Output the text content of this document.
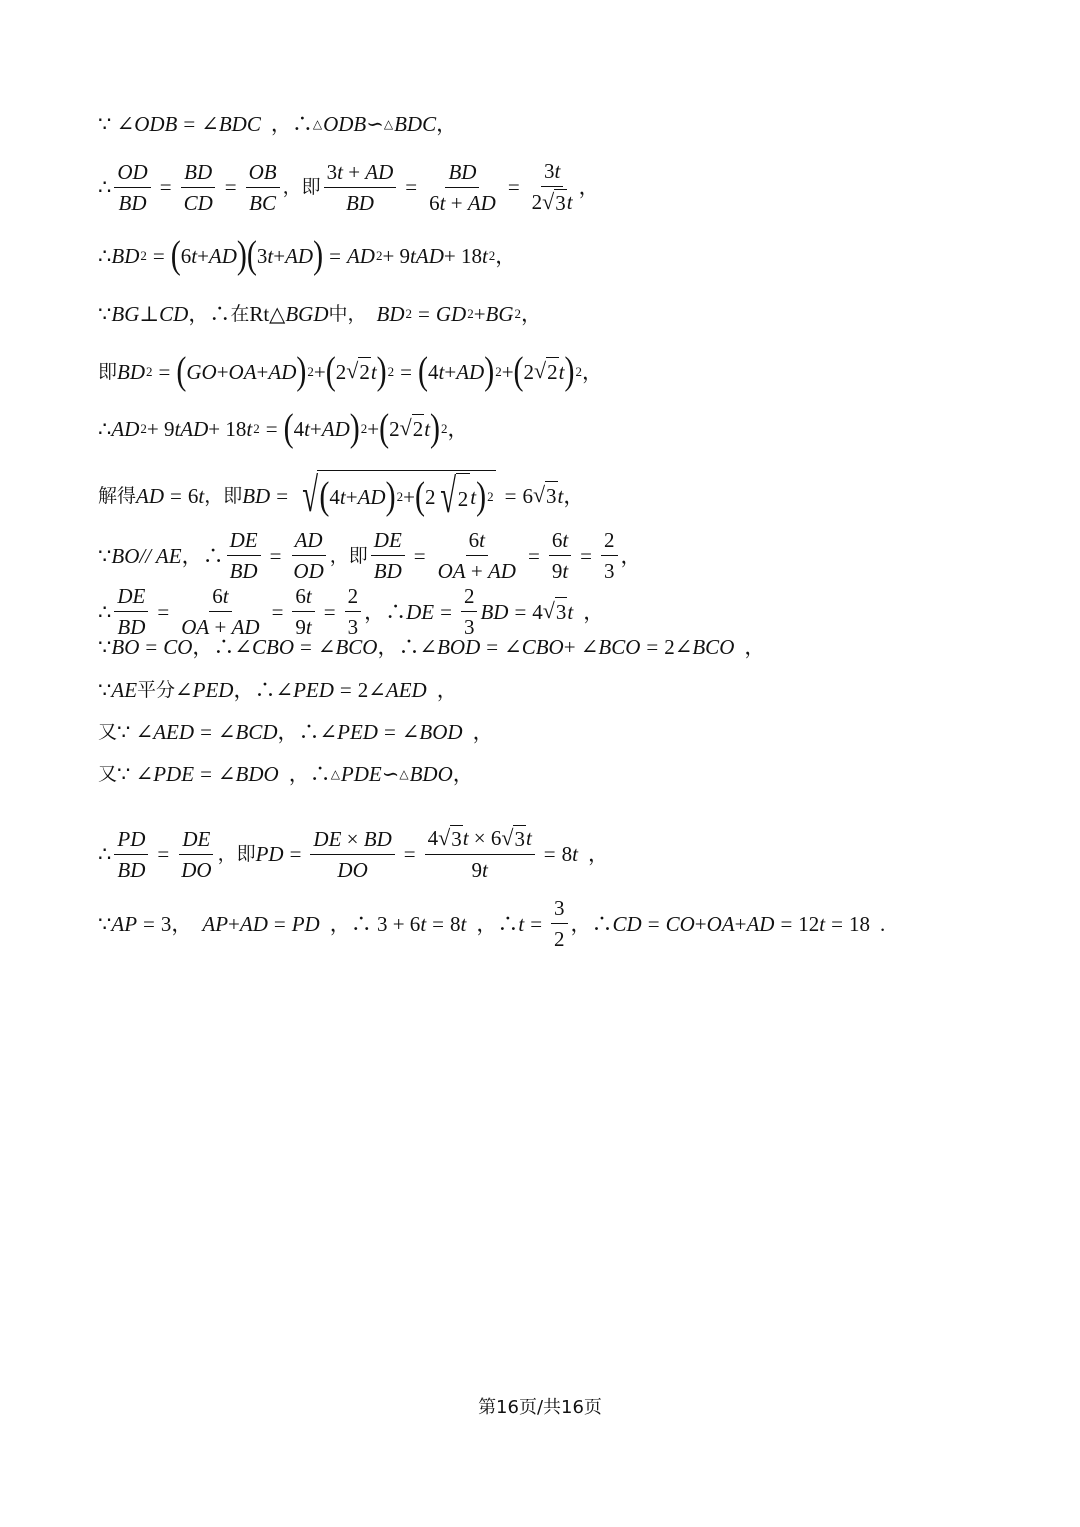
∵ ∠ ODB = ∠ BDC ，∴ △ ODB ∽ △ BDC ，
∴ $\frac{OD}{BD} = \frac{BD}{CD} = \frac{OB}{BC}$ ，即 $\frac{3t + AD}{BD} = \frac{BD}{6t + AD} = \frac{3t}{2 √ 3 t}$ ，
∴ BD 2 = ( 6 t + AD ) ( 3 t + AD ) = AD 2 + 9 tAD + 18 t 2 ，
∵ BG ⊥ CD ，∴ 在 Rt△ BGD 中， BD 2 = GD 2 + BG 2 ，
即 BD 2 = ( GO + OA + AD ) 2 + ( 2 √ 2 t ) 2 = ( 4 t + AD ) 2 + ( 2 √ 2 t ) 2 ，
∴ AD 2 + 9 tAD + 18 t 2 = ( 4 t + AD ) 2 + ( 2 √ 2 t ) 2 ，
解得 AD = 6 t ，即 BD = √ ( 4 t + AD ) 2 + ( 2 √ 2 t ) 2 = 6 √ 3 t ，
∵ BO// AE ，∴ $\frac{DE}{BD} = \frac{AD}{OD}$ ，即 $\frac{DE}{BD} = \frac{6t}{OA + AD} = \frac{6t}{9t} = \frac{2}{3}$ ，
∴ $\frac{DE}{BD} = \frac{6t}{OA + AD} = \frac{6t}{9t} = \frac{2}{3}$ ，∴ DE = $\frac{2}{3}$ BD = 4 √ 3 t ，
∵ BO = CO ，∴∠ CBO = ∠ BCO ，∴∠ BOD = ∠ CBO + ∠ BCO = 2∠ BCO ，
∵ AE 平分 ∠ PED ，∴∠ PED = 2∠ AED ，
又 ∵ ∠ AED = ∠ BCD ，∴∠ PED = ∠ BOD ，
又 ∵ ∠ PDE = ∠ BDO ，∴ △ PDE ∽ △ BDO ，
∴ $\frac{PD}{BD} = \frac{DE}{DO}$ ，即 PD = $\frac{DE \times BD}{DO} = \frac{4 √ 3 t \times 6 √ 3 t}{9t} = 8$ t ，
∵ AP = 3， AP + AD = PD ，∴ 3 + 6 t = 8 t ，∴ $t = \frac{3}{2}$ ，∴ CD = CO + OA + AD = 12 t = 18 .
第16页/共16页
